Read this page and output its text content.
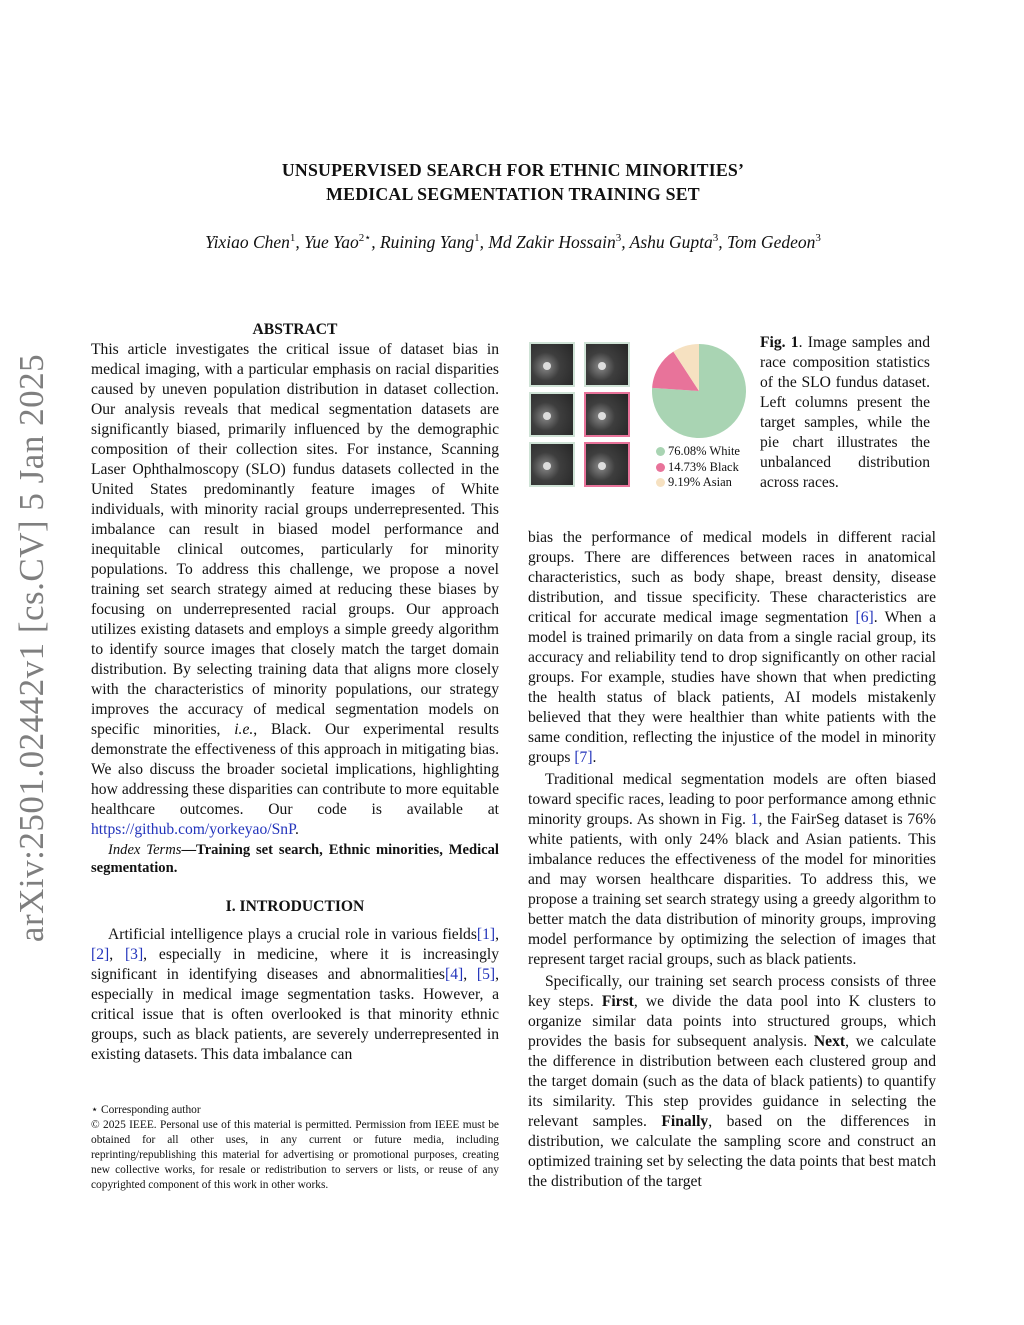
arXiv:2501.02442v1 [cs.CV] 5 Jan 2025
UNSUPERVISED SEARCH FOR ETHNIC MINORITIES’
MEDICAL SEGMENTATION TRAINING SET
Yixiao Chen$^1$, Yue Yao$^{2⋆}$, Ruining Yang$^1$, Md Zakir Hossain$^3$, Ashu Gupta$^3$, Tom Gedeon$^3$
ABSTRACT

This article investigates the critical issue of dataset bias in medical imaging, with a particular emphasis on racial disparities caused by uneven population distribution in dataset collection. Our analysis reveals that medical segmentation datasets are significantly biased, primarily influenced by the demographic composition of their collection sites. For instance, Scanning Laser Ophthalmoscopy (SLO) fundus datasets collected in the United States predominantly feature images of White individuals, with minority racial groups underrepresented. This imbalance can result in biased model performance and inequitable clinical outcomes, particularly for minority populations. To address this challenge, we propose a novel training set search strategy aimed at reducing these biases by focusing on underrepresented racial groups. Our approach utilizes existing datasets and employs a simple greedy algorithm to identify source images that closely match the target domain distribution. By selecting training data that aligns more closely with the characteristics of minority populations, our strategy improves the accuracy of medical segmentation models on specific minorities, i.e., Black. Our experimental results demonstrate the effectiveness of this approach in mitigating bias. We also discuss the broader societal implications, highlighting how addressing these disparities can contribute to more equitable healthcare outcomes. Our code is available at https://github.com/yorkeyao/SnP.

Index Terms—Training set search, Ethnic minorities, Medical segmentation.

I. INTRODUCTION

Artificial intelligence plays a crucial role in various fields[1], [2], [3], especially in medicine, where it is increasingly significant in identifying diseases and abnormalities[4], [5], especially in medical image segmentation tasks. However, a critical issue that is often overlooked is that minority ethnic groups, such as black patients, are severely underrepresented in existing datasets. This data imbalance can

⋆ Corresponding author

© 2025 IEEE. Personal use of this material is permitted. Permission from IEEE must be obtained for all other uses, in any current or future media, including reprinting/republishing this material for advertising or promotional purposes, creating new collective works, for resale or redistribution to servers or lists, or reuse of any copyrighted component of this work in other works.

76.08% White
14.73% Black
9.19% Asian
Fig. 1. Image samples and race composition statistics of the SLO fundus dataset. Left columns present the target samples, while the pie chart illustrates the unbalanced distribution across races.

bias the performance of medical models in different racial groups. There are differences between races in anatomical characteristics, such as body shape, breast density, disease distribution, and tissue specificity. These characteristics are critical for accurate medical image segmentation [6]. When a model is trained primarily on data from a single racial group, its accuracy and reliability tend to drop significantly on other racial groups. For example, studies have shown that when predicting the health status of black patients, AI models mistakenly believed that they were healthier than white patients with the same condition, reflecting the injustice of the model in minority groups [7].

Traditional medical segmentation models are often biased toward specific races, leading to poor performance among ethnic minority groups. As shown in Fig. 1, the FairSeg dataset is 76% white patients, with only 24% black and Asian patients. This imbalance reduces the effectiveness of the model for minorities and may worsen healthcare disparities. To address this, we propose a training set search strategy using a greedy algorithm to better match the data distribution of minority groups, improving model performance by optimizing the selection of images that represent target racial groups, such as black patients.

Specifically, our training set search process consists of three key steps. First, we divide the data pool into K clusters to organize similar data points into structured groups, which provides the basis for subsequent analysis. Next, we calculate the difference in distribution between each clustered group and the target domain (such as the data of black patients) to quantify its similarity. This step provides guidance in selecting the relevant samples. Finally, based on the differences in distribution, we calculate the sampling score and construct an optimized training set by selecting the data points that best match the distribution of the target
